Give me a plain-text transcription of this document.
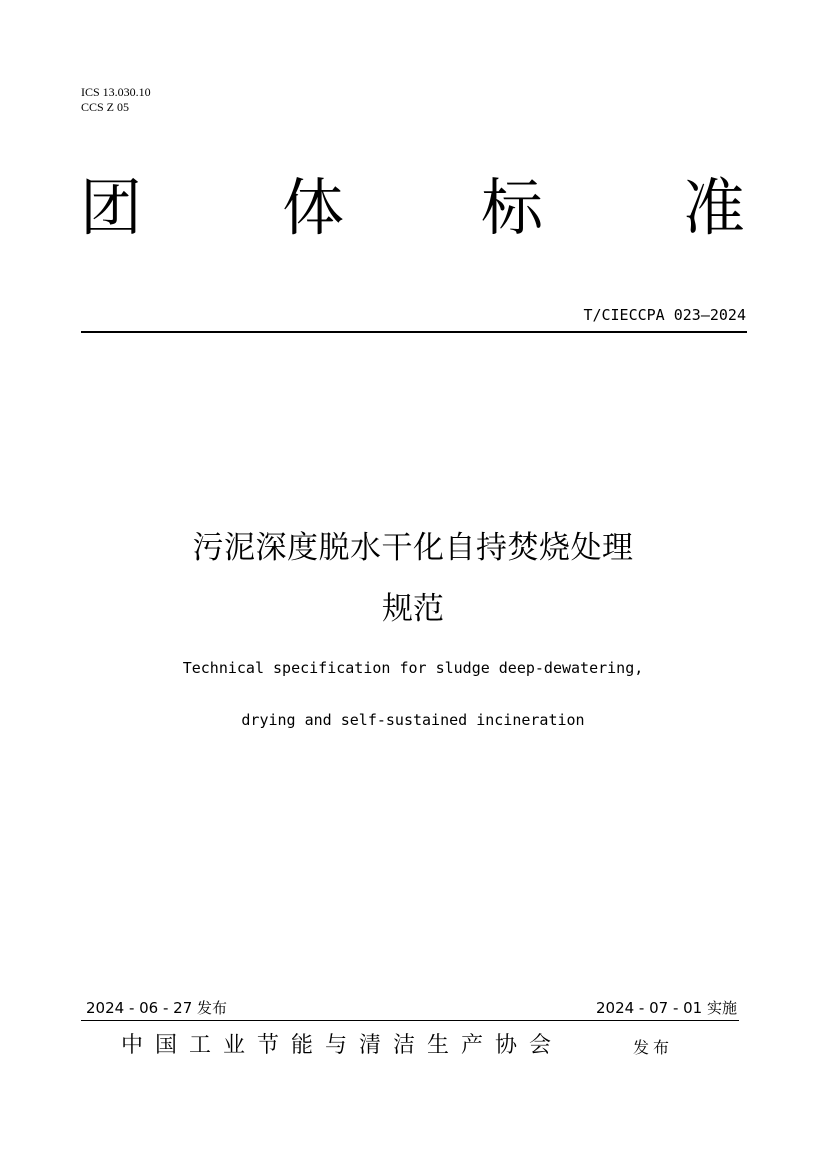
ICS 13.030.10
CCS Z 05
团 体 标 准
T/CIECCPA 023—2024
污泥深度脱水干化自持焚烧处理
规范
Technical specification for sludge deep-dewatering,
drying and self-sustained incineration
2024 - 06 - 27 发布	2024 - 07 - 01 实施
中国工业节能与清洁生产协会	发布
